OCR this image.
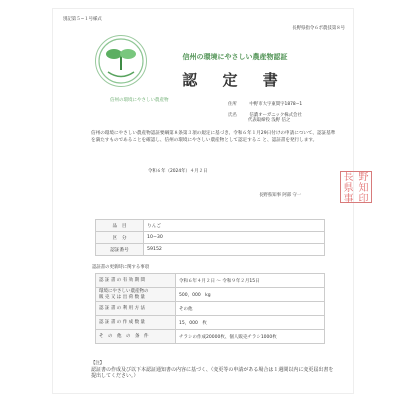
別記第５−１号様式
長野県指令６ポ農技第８号
信州の環境にやさしい農産物
信州の環境にやさしい農産物認証
認 定 書
住所	中野市大字東間字1878−1
氏名	信濃オーガニック株式会社
代表取締役 浅野 信之
信州の環境にやさしい農産物認証要綱第８条第３項の規定に基づき、令和６年１月29日付けの申請について、認証基準を満たすものであることを確認し、信州の環境にやさしい農産物として認定するこ と、認証書を発行します。
令和６年（2024年）４月２日
長野県知事 阿部 守一
長 野
県 知
事 印
品　目	りんご
区　分	10−30
認証番号	59152
認証書の更新時に関する事項
認 証 書 の 有 効 期 間	令和６年４月２日 ～ 令和９年２月15日
環境にやさしい農産物の
販 売 又 は 出 荷 数 量	500，000　kg
認 証 書 の 利 用 方 法	その他
認 証 書 の 作 成 数 量	15，000　枚
そ　の　他　の　条　件	チラシの作成20000枚、個人販売チラシ1000枚
【注】
認証書の作成及び以下本認証通知書の内容に基づく、（変更等の申請がある場合は１週間以内に変更届出書を提出してください。）
